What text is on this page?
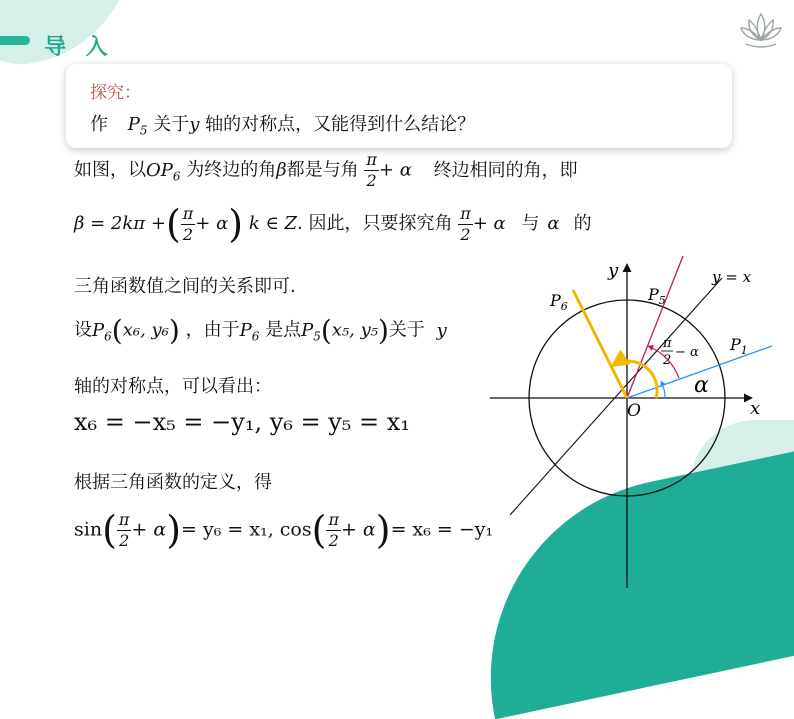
导 入
探究：
作 $P_5$ 关于y 轴的对称点，又能得到什么结论？
如图，以$OP_6$ 为终边的角β都是与角 $\frac{\pi}{2} + \alpha$ 终边相同的角，即
β = 2kπ +( $\frac{\pi}{2} + \alpha$) k ∈ Z. 因此，只要探究角 $\frac{\pi}{2} + \alpha$ 与 α 的
三角函数值之间的关系即可.
设$P_6(x_6$, y₆) ，由于$P_6$ 是点$P_5(x_5$, y₅)关于 y
轴的对称点，可以看出：
x₆ = −x₅ = −y₁, y₆ = y₅ = x₁
根据三角函数的定义，得
$\sin( \frac{\pi}{2} + \alpha)= y_6 = x_1$, $\cos( \frac{\pi}{2} + \alpha)= x_6 = -y_1$
y
x
O
y = x
$P_1$
$P_5$
$P_6$
α
π
2
− α
